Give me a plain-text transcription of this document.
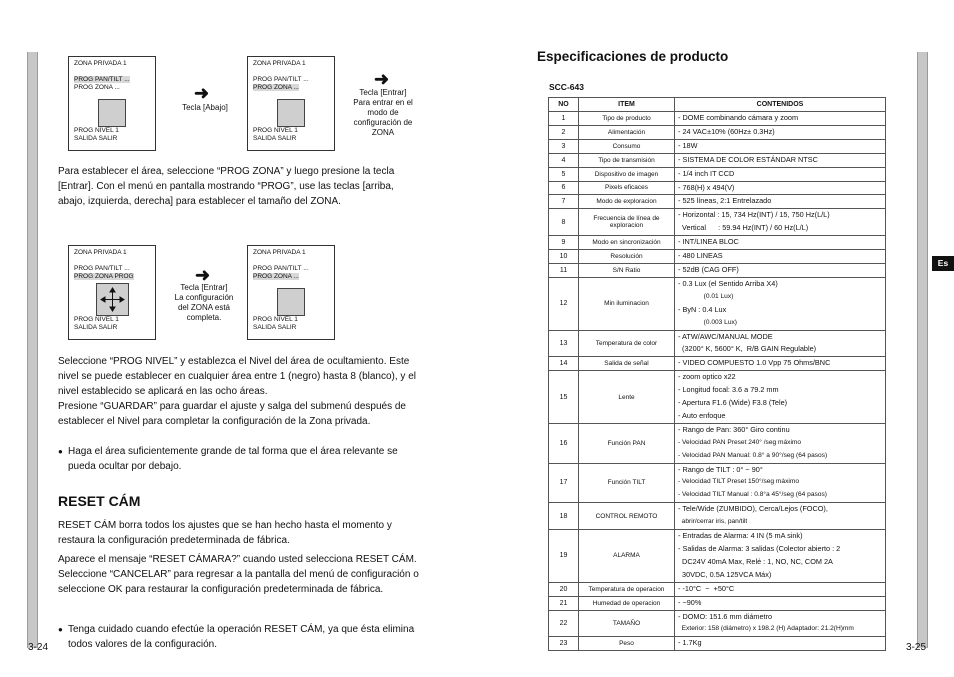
ZONA PRIVADA 1
PROG PAN/TILT ...
PROG ZONA ...
PROG NIVEL 1
SALIDA SALIR
➜
Tecla [Abajo]
ZONA PRIVADA 1
PROG PAN/TILT ...
PROG ZONA ...
PROG NIVEL 1
SALIDA SALIR
➜
Tecla [Entrar]
Para entrar en el
modo de
configuración de
ZONA
Para establecer el área, seleccione “PROG ZONA” y luego presione la tecla [Entrar]. Con el menú en pantalla mostrando “PROG”, use las teclas [arriba, abajo, izquierda, derecha] para establecer el tamaño del ZONA.
ZONA PRIVADA 1
PROG PAN/TILT ...
PROG ZONA PROG
PROG NIVEL 1
SALIDA SALIR
➜
Tecla [Entrar]
La configuración
del ZONA está
completa.
ZONA PRIVADA 1
PROG PAN/TILT ...
PROG ZONA ...
PROG NIVEL 1
SALIDA SALIR
Seleccione “PROG NIVEL” y establezca el Nivel del área de ocultamiento. Este nivel se puede establecer en cualquier área entre 1 (negro) hasta 8 (blanco), y el nivel establecido se aplicará en las ocho áreas.
Presione “GUARDAR” para guardar el ajuste y salga del submenú después de establecer el Nivel para completar la configuración de la Zona privada.
● Haga el área suficientemente grande de tal forma que el área relevante se pueda ocultar por debajo.
RESET CÁM
RESET CÁM borra todos los ajustes que se han hecho hasta el momento y restaura la configuración predeterminada de fábrica.
Aparece el mensaje “RESET CÁMARA?” cuando usted selecciona RESET CÁM.
Seleccione “CANCELAR” para regresar a la pantalla del menú de configuración o seleccione OK para restaurar la configuración predeterminada de fábrica.
● Tenga cuidado cuando efectúe la operación RESET CÁM, ya que ésta elimina todos valores de la configuración.
3-24
Especificaciones de producto
SCC-643
NO	ITEM	CONTENIDOS
1	Tipo de producto	- DOME combinando cámara y zoom

2	Alimentación	- 24 VAC±10% (60Hz± 0.3Hz)

3	Consumo	- 18W

4	Tipo de transmisión	- SISTEMA DE COLOR ESTÁNDAR NTSC

5	Dispositivo de imagen	- 1/4 inch IT CCD

6	Pixels eficaces	- 768(H) x 494(V)

7	Modo de exploracion	- 525 líneas, 2:1 Entrelazado

8	Frecuencia de línea de exploracion	- Horizontal : 15, 734 Hz(INT) / 15, 750 Hz(L/L)
Vertical      : 59.94 Hz(INT) / 60 Hz(L/L)

9	Modo en sincronización	- INT/LINEA BLOC

10	Resolución	- 480 LINEAS

11	S/N Ratio	- 52dB (CAG OFF)

12	Min iluminacion	- 0.3 Lux (el Sentido Arriba X4)
(0.01 Lux)
- ByN : 0.4 Lux
(0.003 Lux)

13	Temperatura de color	- ATW/AWC/MANUAL MODE
(3200° K, 5600° K,  R/B GAIN Regulable)

14	Salida de señal	- VIDEO COMPUESTO 1.0 Vpp 75 Ohms/BNC

15	Lente	- zoom optico x22
- Longitud focal: 3.6 a 79.2 mm
- Apertura F1.6 (Wide) F3.8 (Tele)
- Auto enfoque

16	Función PAN	- Rango de Pan: 360° Giro continu
- Velocidad PAN Preset 240° /seg máximo
- Velocidad PAN Manual: 0.8° a 90°/seg (64 pasos)

17	Función TILT	- Rango de TILT : 0° ~ 90°
- Velocidad TILT Preset 150°/seg máximo
- Velocidad TILT Manual : 0.8°a 45°/seg (64 pasos)

18	CONTROL REMOTO	- Tele/Wide (ZUMBIDO), Cerca/Lejos (FOCO),
abrir/cerrar iris, pan/tilt

19	ALARMA	- Entradas de Alarma: 4 IN (5 mA sink)
- Salidas de Alarma: 3 salidas (Colector abierto : 2
DC24V 40mA Max, Relé : 1, NO, NC, COM 2A
30VDC, 0.5A 125VCA Máx)

20	Temperatura de operacion	- -10°C  ~  +50°C

21	Humedad de operacion	- ~90%

22	TAMAÑO	- DOMO: 151.6 mm diámetro
Exterior: 158 (diámetro) x 198.2 (H) Adaptador: 21.2(H)mm

23	Peso	- 1.7Kg
Es
3-25
